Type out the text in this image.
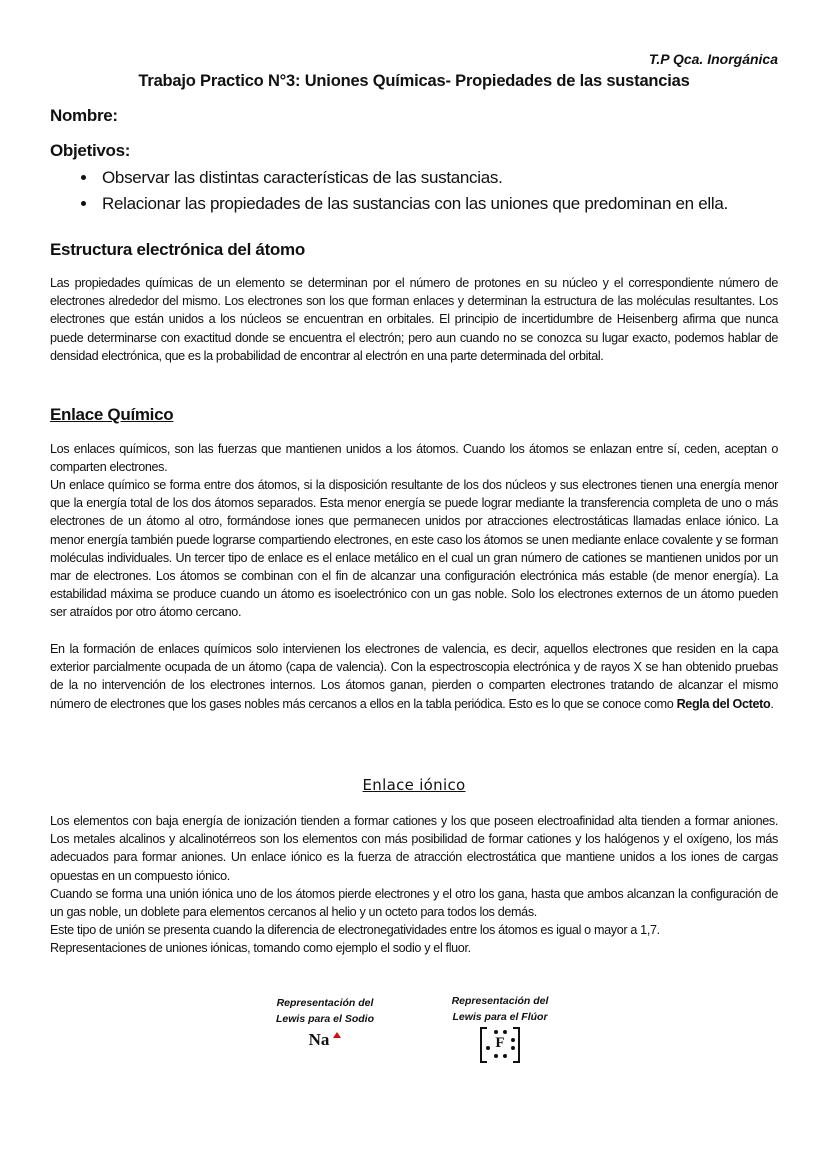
T.P Qca. Inorgánica
Trabajo Practico N°3: Uniones Químicas- Propiedades de las sustancias
Nombre:
Objetivos:
• Observar las distintas características de las sustancias.
• Relacionar las propiedades de las sustancias con las uniones que predominan en ella.
Estructura electrónica del átomo

Las propiedades químicas de un elemento se determinan por el número de protones en su núcleo y el correspondiente número de electrones alrededor del mismo. Los electrones son los que forman enlaces y determinan la estructura de las moléculas resultantes. Los electrones que están unidos a los núcleos se encuentran en orbitales. El principio de incertidumbre de Heisenberg afirma que nunca puede determinarse con exactitud donde se encuentra el electrón; pero aun cuando no se conozca su lugar exacto, podemos hablar de densidad electrónica, que es la probabilidad de encontrar al electrón en una parte determinada del orbital.

Enlace Químico

Los enlaces químicos, son las fuerzas que mantienen unidos a los átomos. Cuando los átomos se enlazan entre sí, ceden, aceptan o comparten electrones.

Un enlace químico se forma entre dos átomos, si la disposición resultante de los dos núcleos y sus electrones tienen una energía menor que la energía total de los dos átomos separados. Esta menor energía se puede lograr mediante la transferencia completa de uno o más electrones de un átomo al otro, formándose iones que permanecen unidos por atracciones electrostáticas llamadas enlace iónico. La menor energía también puede lograrse compartiendo electrones, en este caso los átomos se unen mediante enlace covalente y se forman moléculas individuales. Un tercer tipo de enlace es el enlace metálico en el cual un gran número de cationes se mantienen unidos por un mar de electrones. Los átomos se combinan con el fin de alcanzar una configuración electrónica más estable (de menor energía). La estabilidad máxima se produce cuando un átomo es isoelectrónico con un gas noble. Solo los electrones externos de un átomo pueden ser atraídos por otro átomo cercano.

En la formación de enlaces químicos solo intervienen los electrones de valencia, es decir, aquellos electrones que residen en la capa exterior parcialmente ocupada de un átomo (capa de valencia). Con la espectroscopia electrónica y de rayos X se han obtenido pruebas de la no intervención de los electrones internos. Los átomos ganan, pierden o comparten electrones tratando de alcanzar el mismo número de electrones que los gases nobles más cercanos a ellos en la tabla periódica. Esto es lo que se conoce como Regla del Octeto.

Enlace iónico

Los elementos con baja energía de ionización tienden a formar cationes y los que poseen electroafinidad alta tienden a formar aniones. Los metales alcalinos y alcalinotérreos son los elementos con más posibilidad de formar cationes y los halógenos y el oxígeno, los más adecuados para formar aniones. Un enlace iónico es la fuerza de atracción electrostática que mantiene unidos a los iones de cargas opuestas en un compuesto iónico.

Cuando se forma una unión iónica uno de los átomos pierde electrones y el otro los gana, hasta que ambos alcanzan la configuración de un gas noble, un doblete para elementos cercanos al helio y un octeto para todos los demás.

Este tipo de unión se presenta cuando la diferencia de electronegatividades entre los átomos es igual o mayor a 1,7.

Representaciones de uniones iónicas, tomando como ejemplo el sodio y el fluor.

Representación del
Lewis para el Sodio
Na
Representación del
Lewis para el Flúor
F
